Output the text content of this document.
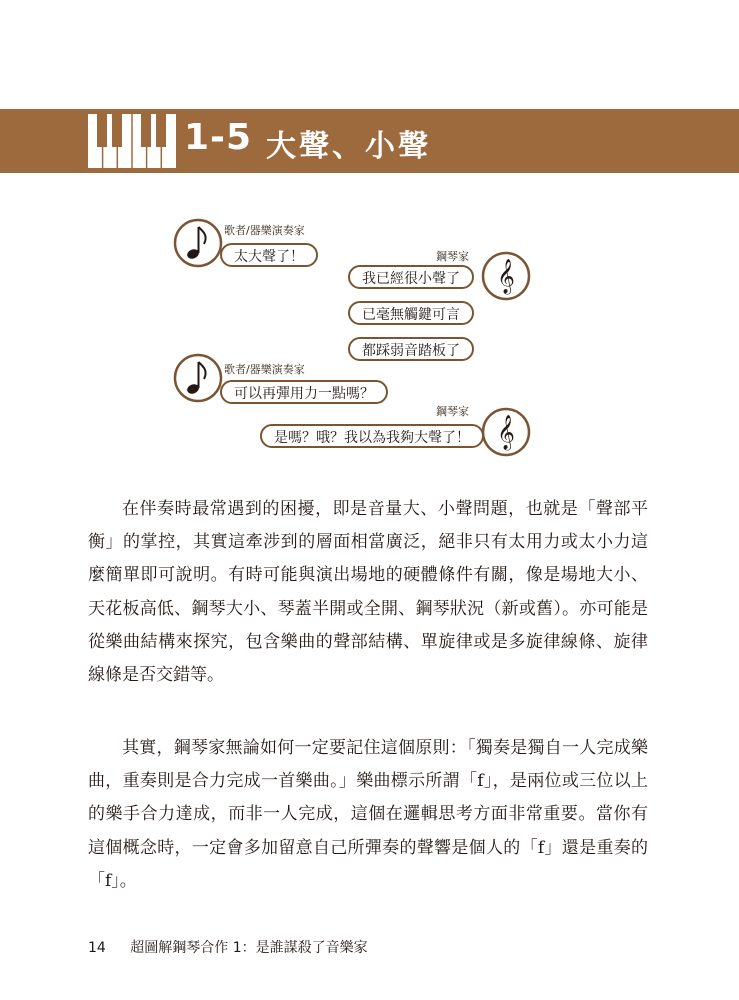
1-5 大聲、小聲
𝄞
𝄞
歌者/器樂演奏家
太大聲了！	鋼琴家
我已經很小聲了
已毫無觸鍵可言
都踩弱音踏板了
歌者/器樂演奏家
可以再彈用力一點嗎？
鋼琴家
是嗎？哦？我以為我夠大聲了！

在伴奏時最常遇到的困擾，即是音量大、小聲問題，也就是「聲部平衡」的掌控，其實這牽涉到的層面相當廣泛，絕非只有太用力或太小力這麼簡單即可說明。有時可能與演出場地的硬體條件有關，像是場地大小、天花板高低、鋼琴大小、琴蓋半開或全開、鋼琴狀況（新或舊）。亦可能是從樂曲結構來探究，包含樂曲的聲部結構、單旋律或是多旋律線條、旋律線條是否交錯等。

其實，鋼琴家無論如何一定要記住這個原則：「獨奏是獨自一人完成樂曲，重奏則是合力完成一首樂曲。」樂曲標示所謂「f」，是兩位或三位以上的樂手合力達成，而非一人完成，這個在邏輯思考方面非常重要。當你有這個概念時，一定會多加留意自己所彈奏的聲響是個人的「f」還是重奏的「f」。

14 超圖解鋼琴合作 1：是誰謀殺了音樂家
